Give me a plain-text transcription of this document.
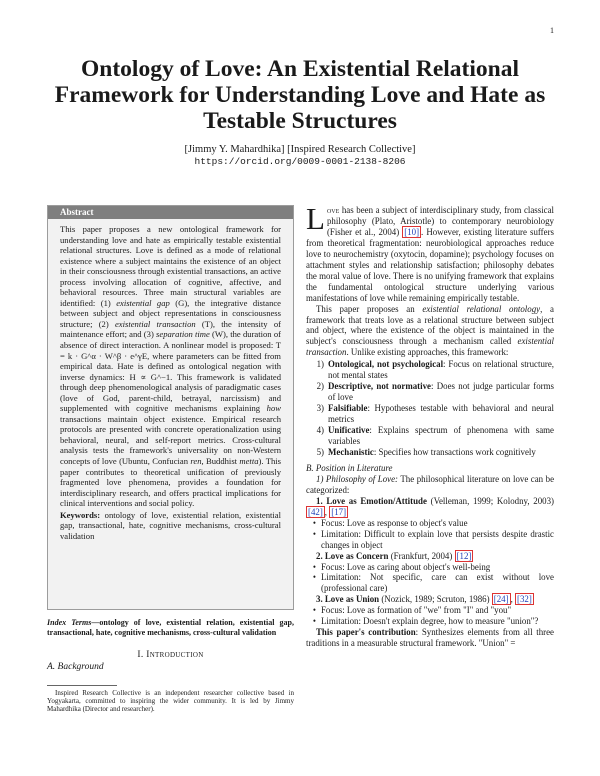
1
Ontology of Love: An Existential Relational Framework for Understanding Love and Hate as Testable Structures
[Jimmy Y. Mahardhika] [Inspired Research Collective]
https://orcid.org/0009-0001-2138-8206
Abstract

This paper proposes a new ontological framework for understanding love and hate as empirically testable existential relational structures. Love is defined as a mode of relational existence where a subject maintains the existence of an object in their consciousness through existential transactions, an active process involving allocation of cognitive, affective, and behavioral resources. Three main structural variables are identified: (1) existential gap (G), the integrative distance between subject and object representations in consciousness structure; (2) existential transaction (T), the intensity of maintenance effort; and (3) separation time (W), the duration of absence of direct interaction. A nonlinear model is proposed: T = k · G^α · W^β · e^γE, where parameters can be fitted from empirical data. Hate is defined as ontological negation with inverse dynamics: H ∝ G^−1. This framework is validated through deep phenomenological analysis of paradigmatic cases (love of God, parent-child, betrayal, narcissism) and supplemented with cognitive mechanisms explaining how transactions maintain object existence. Empirical research protocols are presented with concrete operationalization using behavioral, neural, and self-report metrics. Cross-cultural analysis tests the framework's universality on non-Western concepts of love (Ubuntu, Confucian ren, Buddhist metta). This paper contributes to theoretical unification of previously fragmented love phenomena, provides a foundation for interdisciplinary research, and offers practical implications for clinical interventions and social policy.

Keywords: ontology of love, existential relation, existential gap, transactional, hate, cognitive mechanisms, cross-cultural validation

Index Terms—ontology of love, existential relation, existential gap, transactional, hate, cognitive mechanisms, cross-cultural validation

I. Introduction
A. Background

Inspired Research Collective is an independent researcher collective based in Yogyakarta, committed to inspiring the wider community. It is led by Jimmy Mahardhika (Director and researcher).

Love has been a subject of interdisciplinary study, from classical philosophy (Plato, Aristotle) to contemporary neurobiology (Fisher et al., 2004) [10] . However, existing literature suffers from theoretical fragmentation: neurobiological approaches reduce love to neurochemistry (oxytocin, dopamine); psychology focuses on attachment styles and relationship satisfaction; philosophy debates the moral value of love. There is no unifying framework that explains the fundamental ontological structure underlying various manifestations of love while remaining empirically testable.

This paper proposes an existential relational ontology, a framework that treats love as a relational structure between subject and object, where the existence of the object is maintained in the subject's consciousness through a mechanism called existential transaction. Unlike existing approaches, this framework:

1) Ontological, not psychological: Focus on relational structure, not mental states
2) Descriptive, not normative: Does not judge particular forms of love
3) Falsifiable: Hypotheses testable with behavioral and neural metrics
4) Unificative: Explains spectrum of phenomena with same variables
5) Mechanistic: Specifies how transactions work cognitively
B. Position in Literature

1) Philosophy of Love: The philosophical literature on love can be categorized:

1. Love as Emotion/Attitude (Velleman, 1999; Kolodny, 2003) [42] , [17]

• Focus: Love as response to object's value
• Limitation: Difficult to explain love that persists despite drastic changes in object

2. Love as Concern (Frankfurt, 2004) [12]

• Focus: Love as caring about object's well-being
• Limitation: Not specific, care can exist without love (professional care)

3. Love as Union (Nozick, 1989; Scruton, 1986) [24] , [32]

• Focus: Love as formation of "we" from "I" and "you"
• Limitation: Doesn't explain degree, how to measure "union"?

This paper's contribution: Synthesizes elements from all three traditions in a measurable structural framework. "Union" =
